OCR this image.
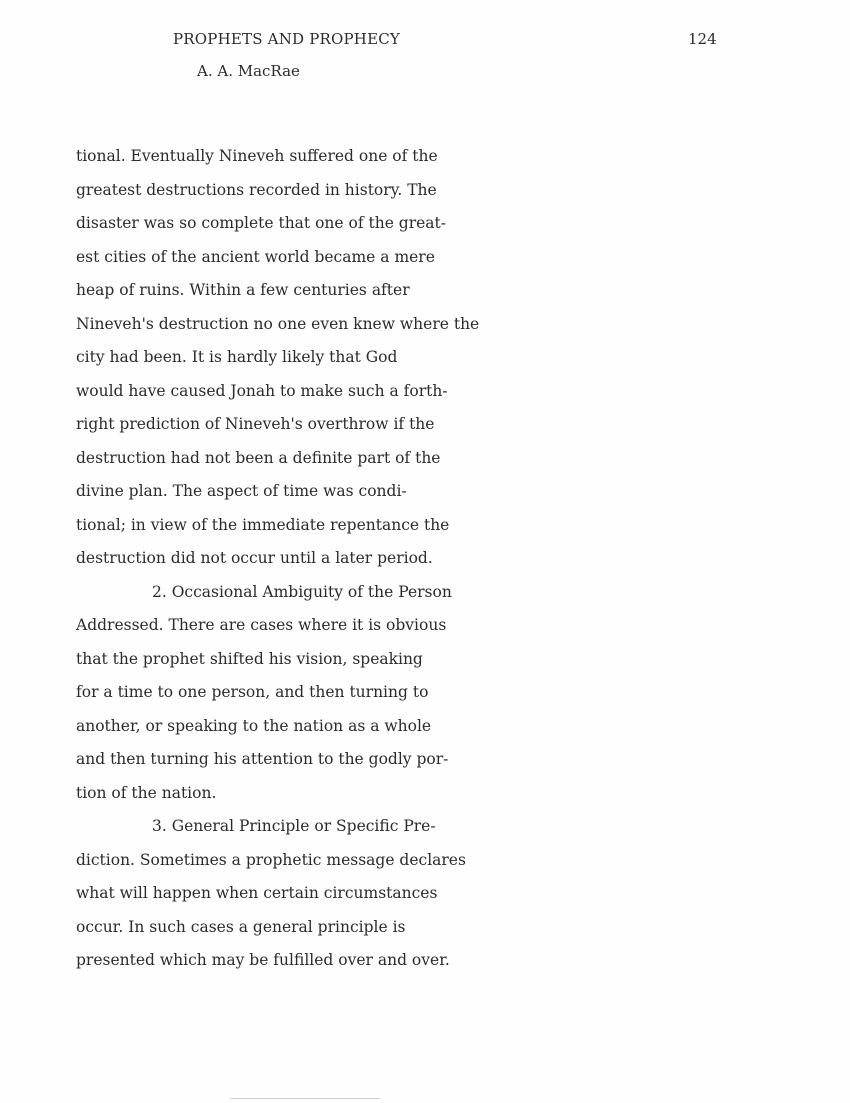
PROPHETS AND PROPHECY
A. A. MacRae
124
tional. Eventually Nineveh suffered one of the
greatest destructions recorded in history. The
disaster was so complete that one of the great-
est cities of the ancient world became a mere
heap of ruins. Within a few centuries after
Nineveh's destruction no one even knew where the
city had been. It is hardly likely that God
would have caused Jonah to make such a forth-
right prediction of Nineveh's overthrow if the
destruction had not been a definite part of the
divine plan. The aspect of time was condi-
tional; in view of the immediate repentance the
destruction did not occur until a later period.
2. Occasional Ambiguity of the Person
Addressed. There are cases where it is obvious
that the prophet shifted his vision, speaking
for a time to one person, and then turning to
another, or speaking to the nation as a whole
and then turning his attention to the godly por-
tion of the nation.
3. General Principle or Specific Pre-
diction. Sometimes a prophetic message declares
what will happen when certain circumstances
occur. In such cases a general principle is
presented which may be fulfilled over and over.
